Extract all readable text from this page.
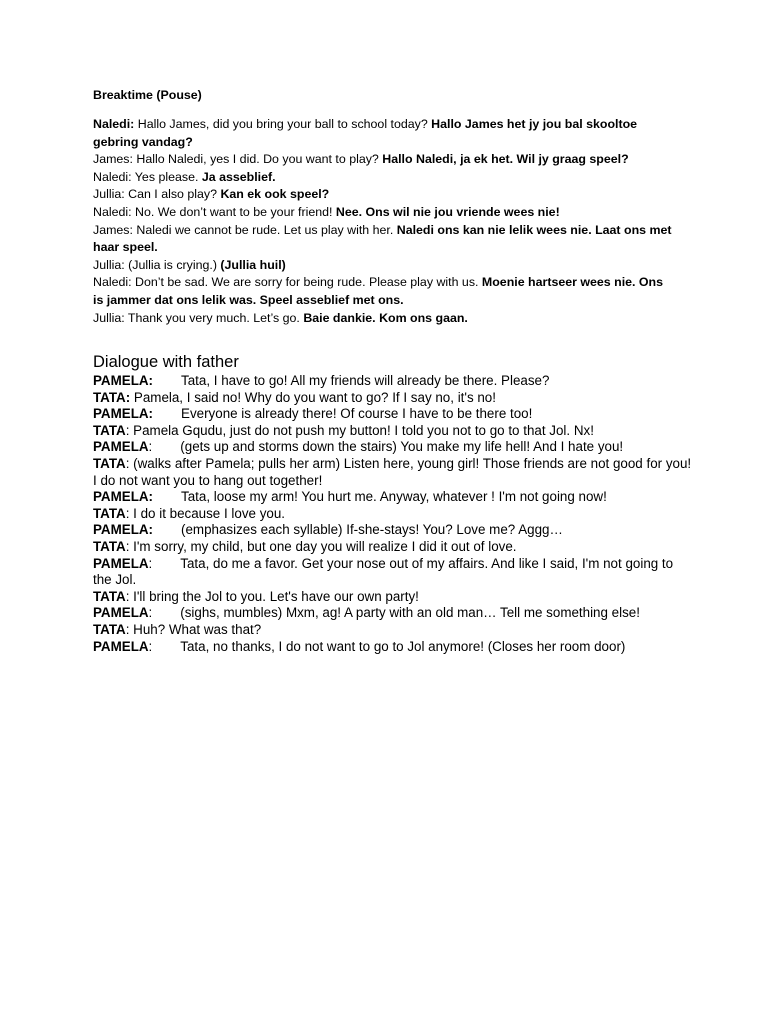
Breaktime (Pouse)

Naledi: Hallo James, did you bring your ball to school today? Hallo James het jy jou bal skooltoe gebring vandag?

James: Hallo Naledi, yes I did. Do you want to play? Hallo Naledi, ja ek het. Wil jy graag speel?

Naledi: Yes please. Ja asseblief.

Jullia: Can I also play? Kan ek ook speel?

Naledi: No. We don’t want to be your friend! Nee. Ons wil nie jou vriende wees nie!

James: Naledi we cannot be rude. Let us play with her. Naledi ons kan nie lelik wees nie. Laat ons met haar speel.

Jullia: (Jullia is crying.) (Jullia huil)

Naledi: Don’t be sad. We are sorry for being rude. Please play with us. Moenie hartseer wees nie. Ons is jammer dat ons lelik was. Speel asseblief met ons.

Jullia: Thank you very much. Let’s go. Baie dankie. Kom ons gaan.

Dialogue with father

PAMELA: Tata, I have to go! All my friends will already be there. Please?

TATA: Pamela, I said no! Why do you want to go? If I say no, it's no!

PAMELA: Everyone is already there! Of course I have to be there too!

TATA: Pamela Gqudu, just do not push my button! I told you not to go to that Jol. Nx!

PAMELA: (gets up and storms down the stairs) You make my life hell! And I hate you!

TATA: (walks after Pamela; pulls her arm) Listen here, young girl! Those friends are not good for you! I do not want you to hang out together!

PAMELA: Tata, loose my arm! You hurt me. Anyway, whatever ! I'm not going now!

TATA: I do it because I love you.

PAMELA: (emphasizes each syllable) If-she-stays! You? Love me? Aggg…

TATA: I'm sorry, my child, but one day you will realize I did it out of love.

PAMELA: Tata, do me a favor. Get your nose out of my affairs. And like I said, I'm not going to the Jol.

TATA: I'll bring the Jol to you. Let's have our own party!

PAMELA: (sighs, mumbles) Mxm, ag! A party with an old man… Tell me something else!

TATA: Huh? What was that?

PAMELA: Tata, no thanks, I do not want to go to Jol anymore! (Closes her room door)
